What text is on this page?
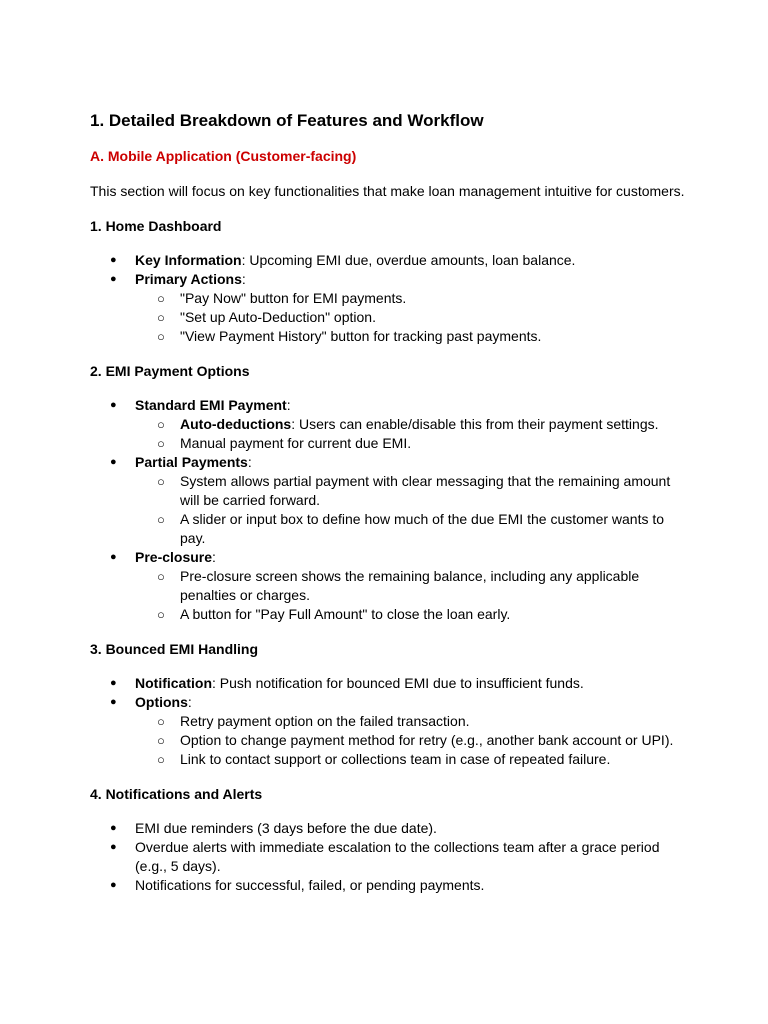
1. Detailed Breakdown of Features and Workflow
A. Mobile Application (Customer-facing)

This section will focus on key functionalities that make loan management intuitive for customers.

1. Home Dashboard
● Key Information: Upcoming EMI due, overdue amounts, loan balance.
● Primary Actions:
○ "Pay Now" button for EMI payments.
○ "Set up Auto-Deduction" option.
○ "View Payment History" button for tracking past payments.
2. EMI Payment Options
● Standard EMI Payment:
○ Auto-deductions: Users can enable/disable this from their payment settings.
○ Manual payment for current due EMI.
● Partial Payments:
○ System allows partial payment with clear messaging that the remaining amount will be carried forward.
○ A slider or input box to define how much of the due EMI the customer wants to pay.
● Pre-closure:
○ Pre-closure screen shows the remaining balance, including any applicable penalties or charges.
○ A button for "Pay Full Amount" to close the loan early.
3. Bounced EMI Handling
● Notification: Push notification for bounced EMI due to insufficient funds.
● Options:
○ Retry payment option on the failed transaction.
○ Option to change payment method for retry (e.g., another bank account or UPI).
○ Link to contact support or collections team in case of repeated failure.
4. Notifications and Alerts
● EMI due reminders (3 days before the due date).
● Overdue alerts with immediate escalation to the collections team after a grace period (e.g., 5 days).
● Notifications for successful, failed, or pending payments.
